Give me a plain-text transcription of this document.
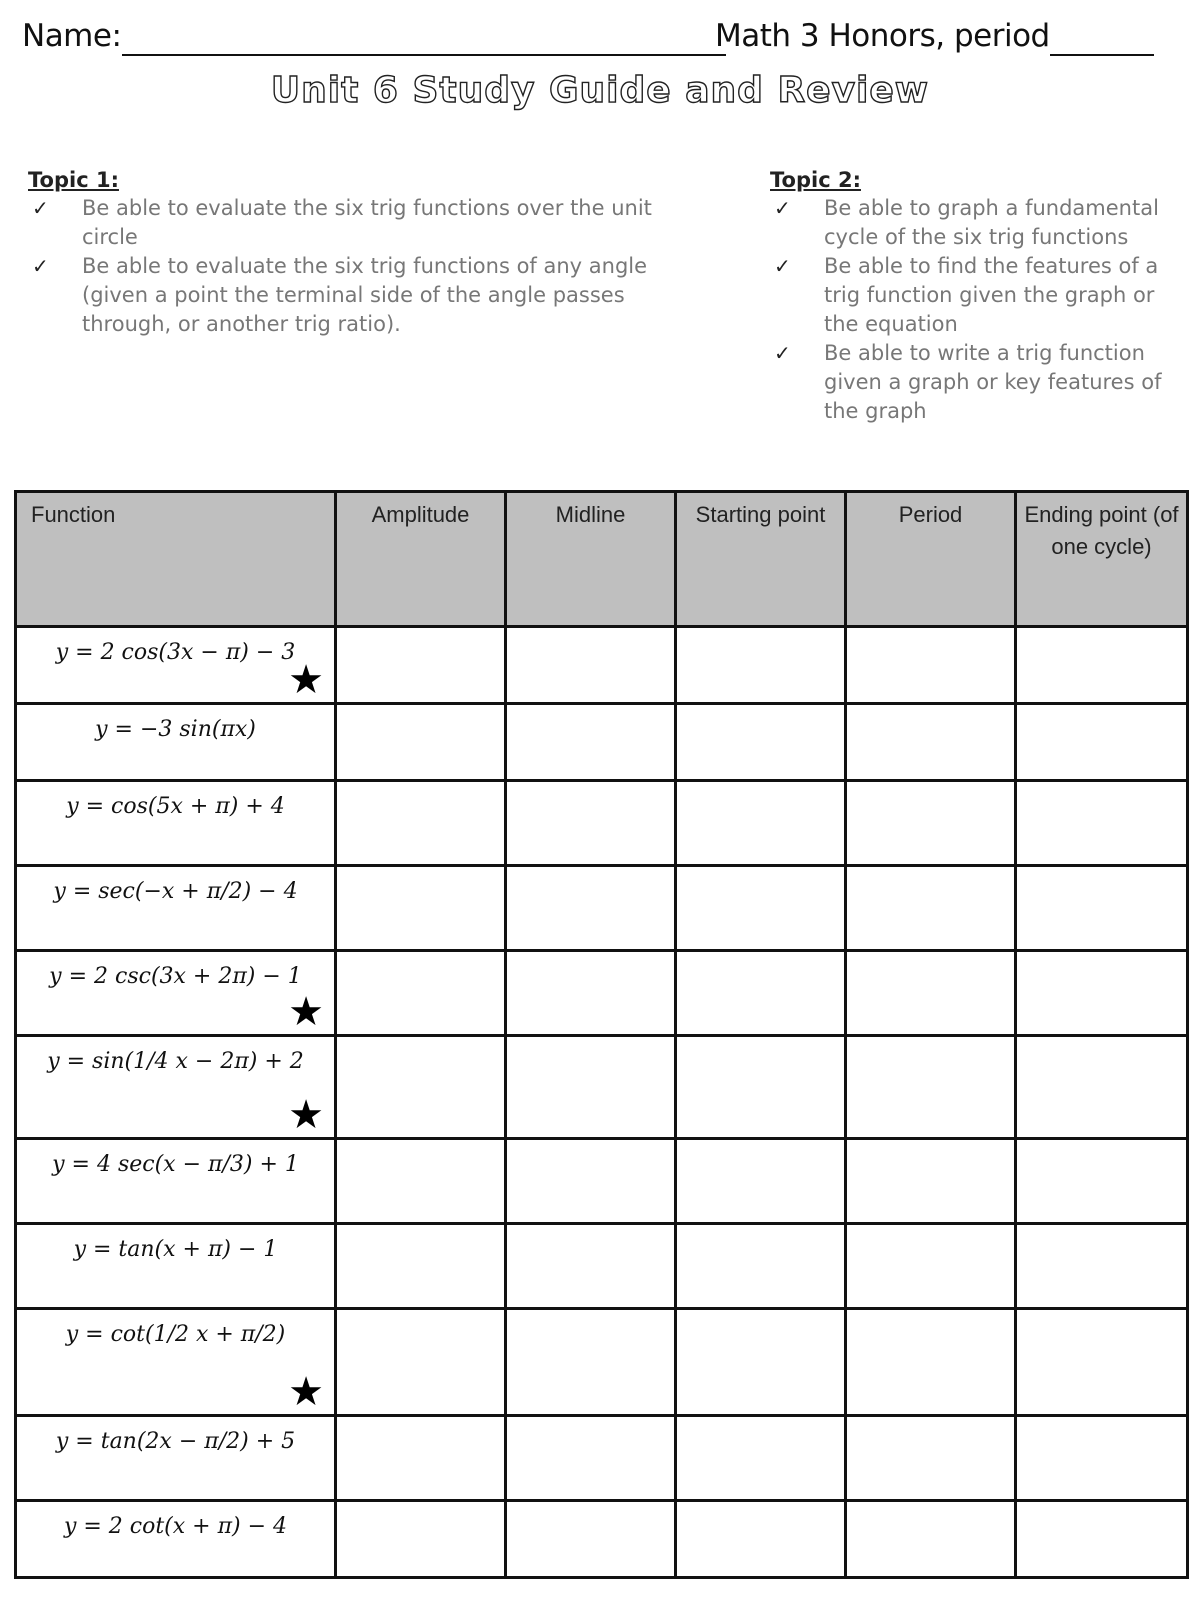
Name:	Math 3 Honors, period
Unit 6 Study Guide and Review
Topic 1:
✓ Be able to evaluate the six trig functions over the unit circle
✓ Be able to evaluate the six trig functions of any angle (given a point the terminal side of the angle passes through, or another trig ratio).
Topic 2:
✓ Be able to graph a fundamental cycle of the six trig functions
✓ Be able to find the features of a trig function given the graph or the equation
✓ Be able to write a trig function given a graph or key features of the graph
Function	Amplitude	Midline	Starting point	Period	Ending point (of one cycle)

y = 2 cos(3x − π) − 3
★					

y = −3 sin(πx)					

y = cos(5x + π) + 4					

y = sec(−x + π/2) − 4					

y = 2 csc(3x + 2π) − 1
★					

y = sin(1/4 x − 2π) + 2
★					

y = 4 sec(x − π/3) + 1					

y = tan(x + π) − 1					

y = cot(1/2 x + π/2)
★					

y = tan(2x − π/2) + 5					

y = 2 cot(x + π) − 4					
